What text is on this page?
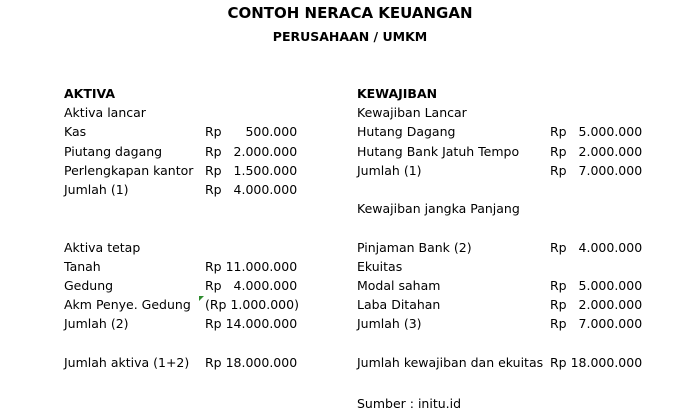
CONTOH NERACA KEUANGAN
PERUSAHAAN / UMKM
AKTIVA
Aktiva lancar
Kas	Rp      500.000
Piutang dagang	Rp   2.000.000
Perlengkapan kantor Rp   1.500.000
Jumlah (1)	Rp   4.000.000
Aktiva tetap
Tanah	Rp 11.000.000
Gedung	Rp   4.000.000
Akm Penye. Gedung (Rp 1.000.000)
Jumlah (2)	Rp 14.000.000
Jumlah aktiva (1+2) Rp 18.000.000
KEWAJIBAN
Kewajiban Lancar
Hutang Dagang	Rp   5.000.000
Hutang Bank Jatuh Tempo Rp   2.000.000
Jumlah (1)	Rp   7.000.000
Kewajiban jangka Panjang
Pinjaman Bank (2)	Rp   4.000.000
Ekuitas
Modal saham	Rp   5.000.000
Laba Ditahan	Rp   2.000.000
Jumlah (3)	Rp   7.000.000
Jumlah kewajiban dan ekuitas Rp 18.000.000
Sumber : initu.id
